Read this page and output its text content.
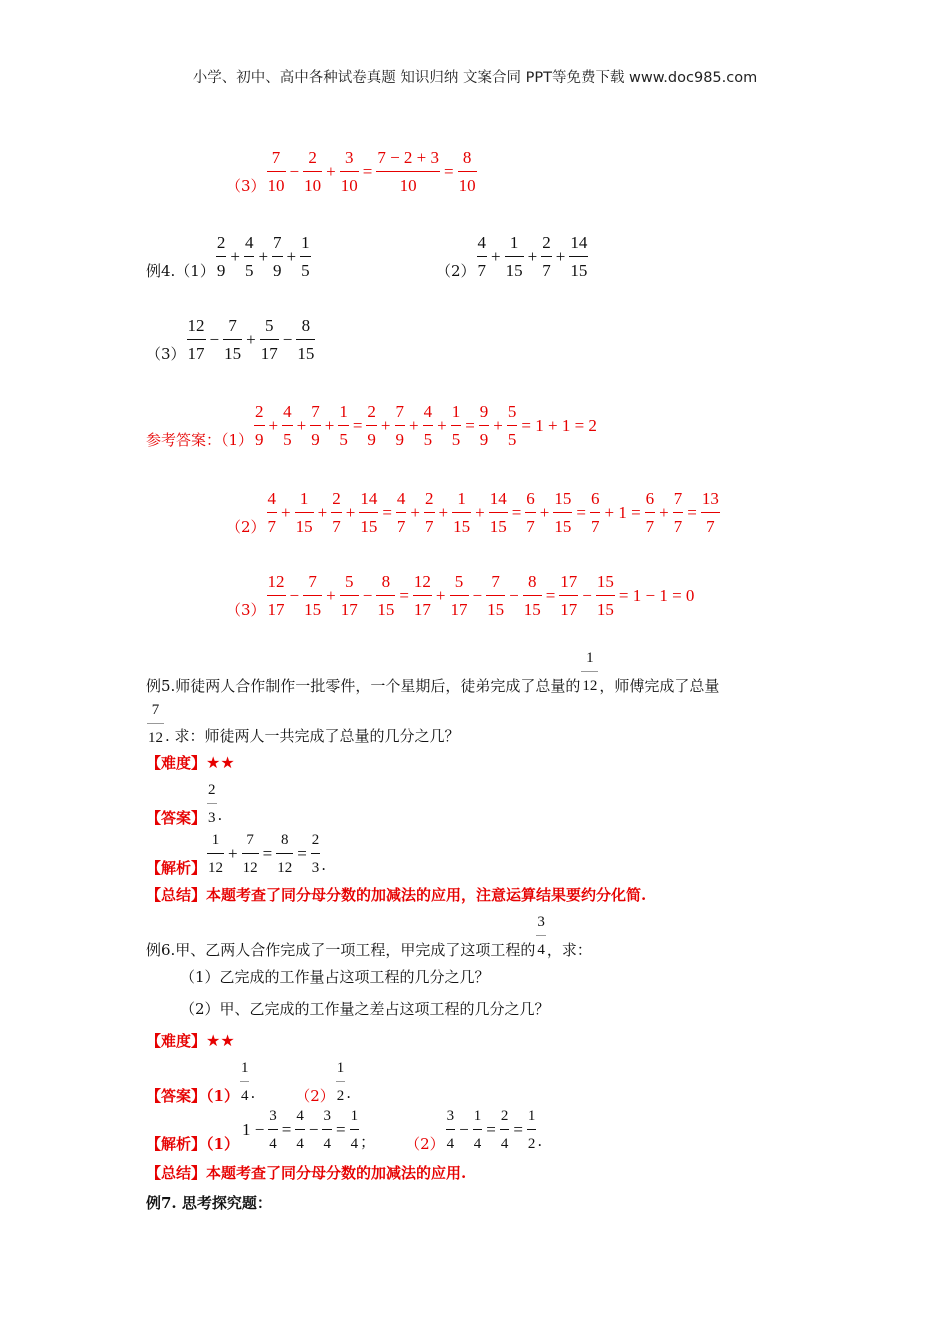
小学、初中、高中各种试卷真题 知识归纳 文案合同 PPT等免费下载 www.doc985.com
（3）
7
10
−
2
10
+
3
10
=
7 − 2 + 3
10
=
8
10
例4.（1）
2
9
+
4
5
+
7
9
+
1
5	（2）
4
7
+
1
15
+
2
7
+
14
15
（3）
12
17
−
7
15
+
5
17
−
8
15
参考答案：（1）
2
9
+
4
5
+
7
9
+
1
5
=
2
9
+
7
9
+
4
5
+
1
5
=
9
9
+
5
5
= 1 + 1 = 2
（2）
4
7
+
1
15
+
2
7
+
14
15
=
4
7
+
2
7
+
1
15
+
14
15
=
6
7
+
15
15
=
6
7
+ 1 =
6
7
+
7
7
=
13
7
（3）
12
17
−
7
15
+
5
17
−
8
15
=
12
17
+
5
17
−
7
15
−
8
15
=
17
17
−
15
15
= 1 − 1 = 0
例5.师徒两人合作制作一批零件，一个星期后，徒弟完成了总量的
1
12 ，师傅完成了总量
7
12 . 求：师徒两人一共完成了总量的几分之几？
【难度】 ★★
【答案】
2
3 .
【解析】
1
12
+
7
12
=
8
12
=
2
3 .
【总结】本题考查了同分母分数的加减法的应用，注意运算结果要约分化简.
例6.甲、乙两人合作完成了一项工程，甲完成了这项工程的
3
4 ，求：
（1）乙完成的工作量占这项工程的几分之几？
（2）甲、乙完成的工作量之差占这项工程的几分之几？
【难度】 ★★
【答案】（1）
1
4 .	（2）
1
2 .
【解析】（1）
1 −
3
4
=
4
4
−
3
4
=
1
4 ； （2）
3
4
−
1
4
=
2
4
=
1
2 .
【总结】本题考查了同分母分数的加减法的应用.
例7. 思考探究题：
